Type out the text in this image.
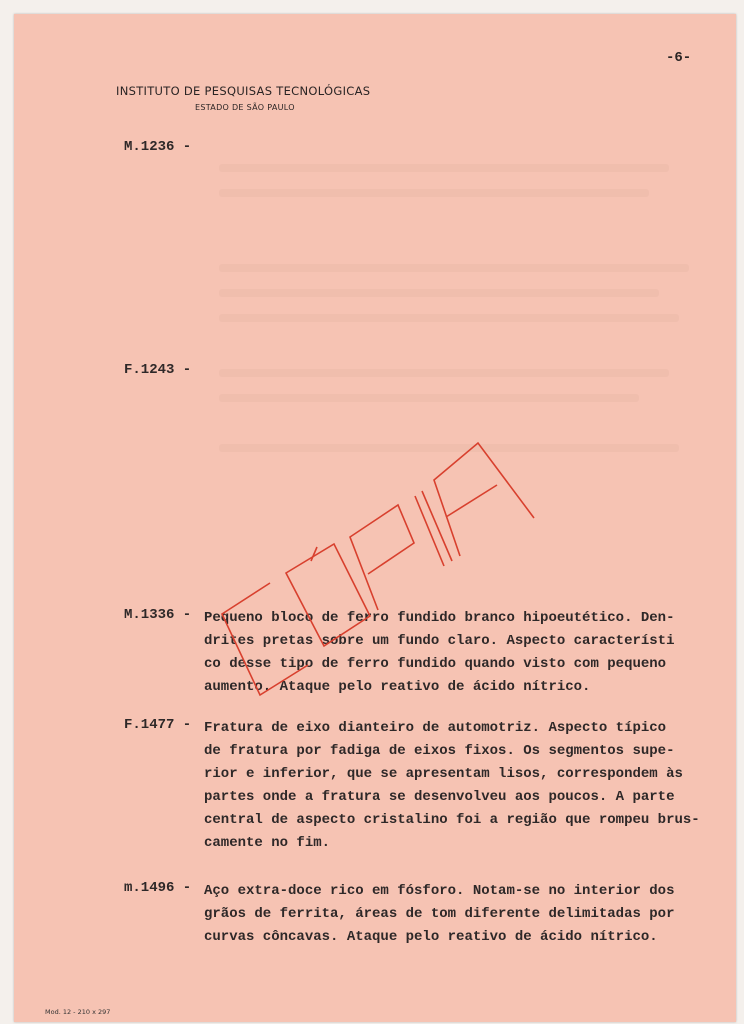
-6-
INSTITUTO DE PESQUISAS TECNOLÓGICAS
ESTADO DE SÃO PAULO
M.1236 -
F.1243 -
M.1336 - Pequeno bloco de ferro fundido branco hipoeutético. Den-
drites pretas sobre um fundo claro. Aspecto característi
co desse tipo de ferro fundido quando visto com pequeno
aumento. Ataque pelo reativo de ácido nítrico.
F.1477 - Fratura de eixo dianteiro de automotriz. Aspecto típico
de fratura por fadiga de eixos fixos. Os segmentos supe-
rior e inferior, que se apresentam lisos, correspondem às
partes onde a fratura se desenvolveu aos poucos. A parte
central de aspecto cristalino foi a região que rompeu brus-
camente no fim.
m.1496 - Aço extra-doce rico em fósforo. Notam-se no interior dos
grãos de ferrita, áreas de tom diferente delimitadas por
curvas côncavas. Ataque pelo reativo de ácido nítrico.
Mod. 12 - 210 x 297
